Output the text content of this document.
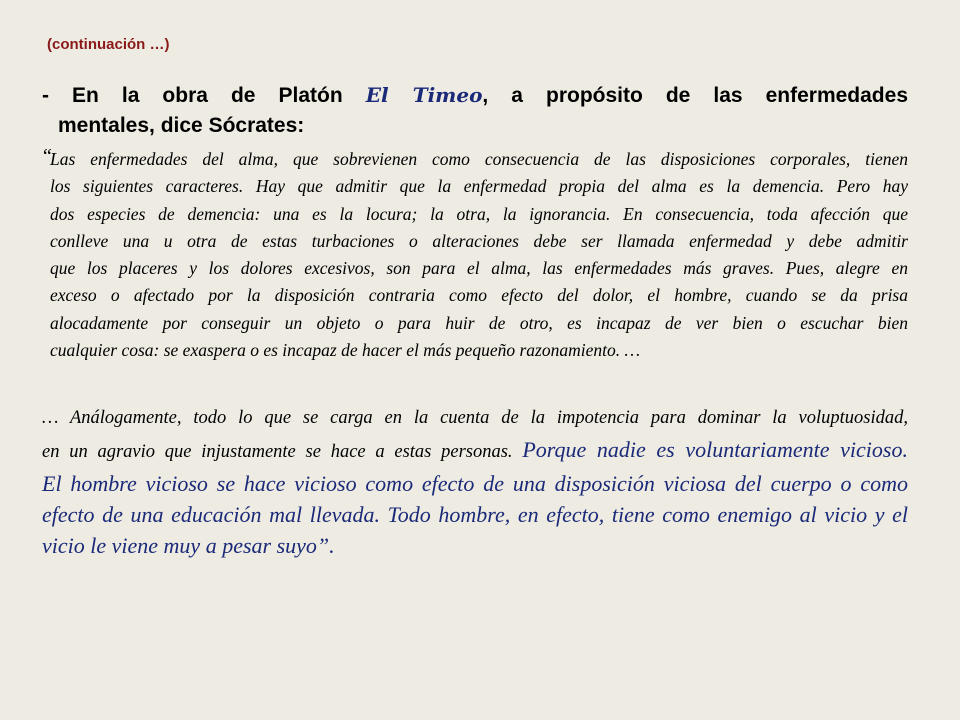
(continuación …)
- En la obra de Platón El Timeo, a propósito de las enfermedades
mentales, dice Sócrates:
“
Las enfermedades del alma, que sobrevienen como consecuencia de las disposiciones corporales, tienen
los siguientes caracteres. Hay que admitir que la enfermedad propia del alma es la demencia. Pero hay
dos especies de demencia: una es la locura; la otra, la ignorancia. En consecuencia, toda afección que
conlleve una u otra de estas turbaciones o alteraciones debe ser llamada enfermedad y debe admitir
que los placeres y los dolores excesivos, son para el alma, las enfermedades más graves. Pues, alegre en
exceso o afectado por la disposición contraria como efecto del dolor, el hombre, cuando se da prisa
alocadamente por conseguir un objeto o para huir de otro, es incapaz de ver bien o escuchar bien
cualquier cosa: se exaspera o es incapaz de hacer el más pequeño razonamiento. …
… Análogamente, todo lo que se carga en la cuenta de la impotencia para dominar la voluptuosidad,
en un agravio que injustamente se hace a estas personas. Porque nadie es voluntariamente vicioso.
El hombre vicioso se hace vicioso como efecto de una disposición viciosa del cuerpo o como
efecto de una educación mal llevada. Todo hombre, en efecto, tiene como enemigo al vicio y el
vicio le viene muy a pesar suyo”.
